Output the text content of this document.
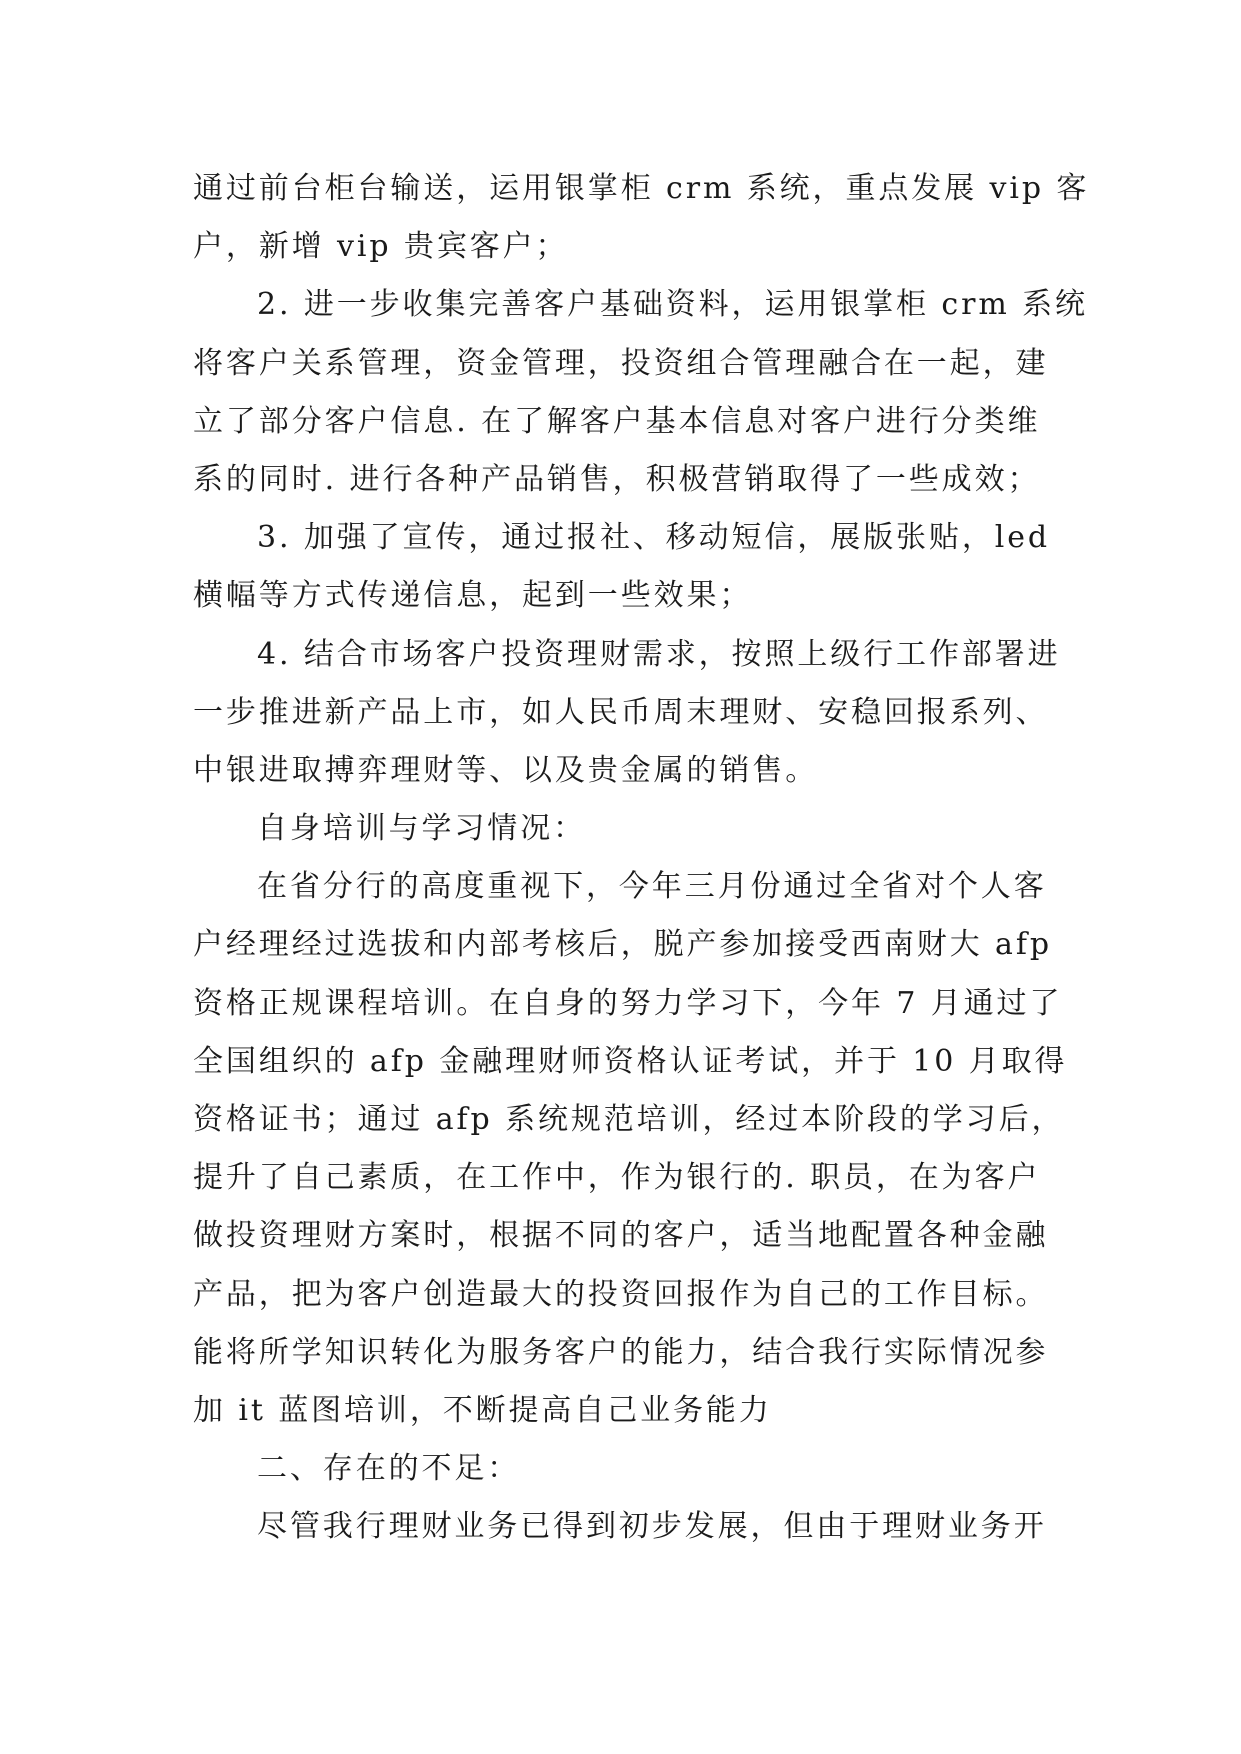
通过前台柜台输送，运用银掌柜 crm 系统，重点发展 vip 客
户，新增 vip 贵宾客户；
2. 进一步收集完善客户基础资料，运用银掌柜 crm 系统
将客户关系管理，资金管理，投资组合管理融合在一起，建
立了部分客户信息. 在了解客户基本信息对客户进行分类维
系的同时. 进行各种产品销售，积极营销取得了一些成效；
3. 加强了宣传，通过报社、移动短信，展版张贴，led
横幅等方式传递信息，起到一些效果；
4. 结合市场客户投资理财需求，按照上级行工作部署进
一步推进新产品上市，如人民币周末理财、安稳回报系列、
中银进取搏弈理财等、以及贵金属的销售。
自身培训与学习情况：
在省分行的高度重视下，今年三月份通过全省对个人客
户经理经过选拔和内部考核后，脱产参加接受西南财大 afp
资格正规课程培训。在自身的努力学习下，今年 7 月通过了
全国组织的 afp 金融理财师资格认证考试，并于 10 月取得
资格证书；通过 afp 系统规范培训，经过本阶段的学习后，
提升了自己素质，在工作中，作为银行的. 职员，在为客户
做投资理财方案时，根据不同的客户，适当地配置各种金融
产品，把为客户创造最大的投资回报作为自己的工作目标。
能将所学知识转化为服务客户的能力，结合我行实际情况参
加 it 蓝图培训，不断提高自己业务能力
二、存在的不足：
尽管我行理财业务已得到初步发展，但由于理财业务开
